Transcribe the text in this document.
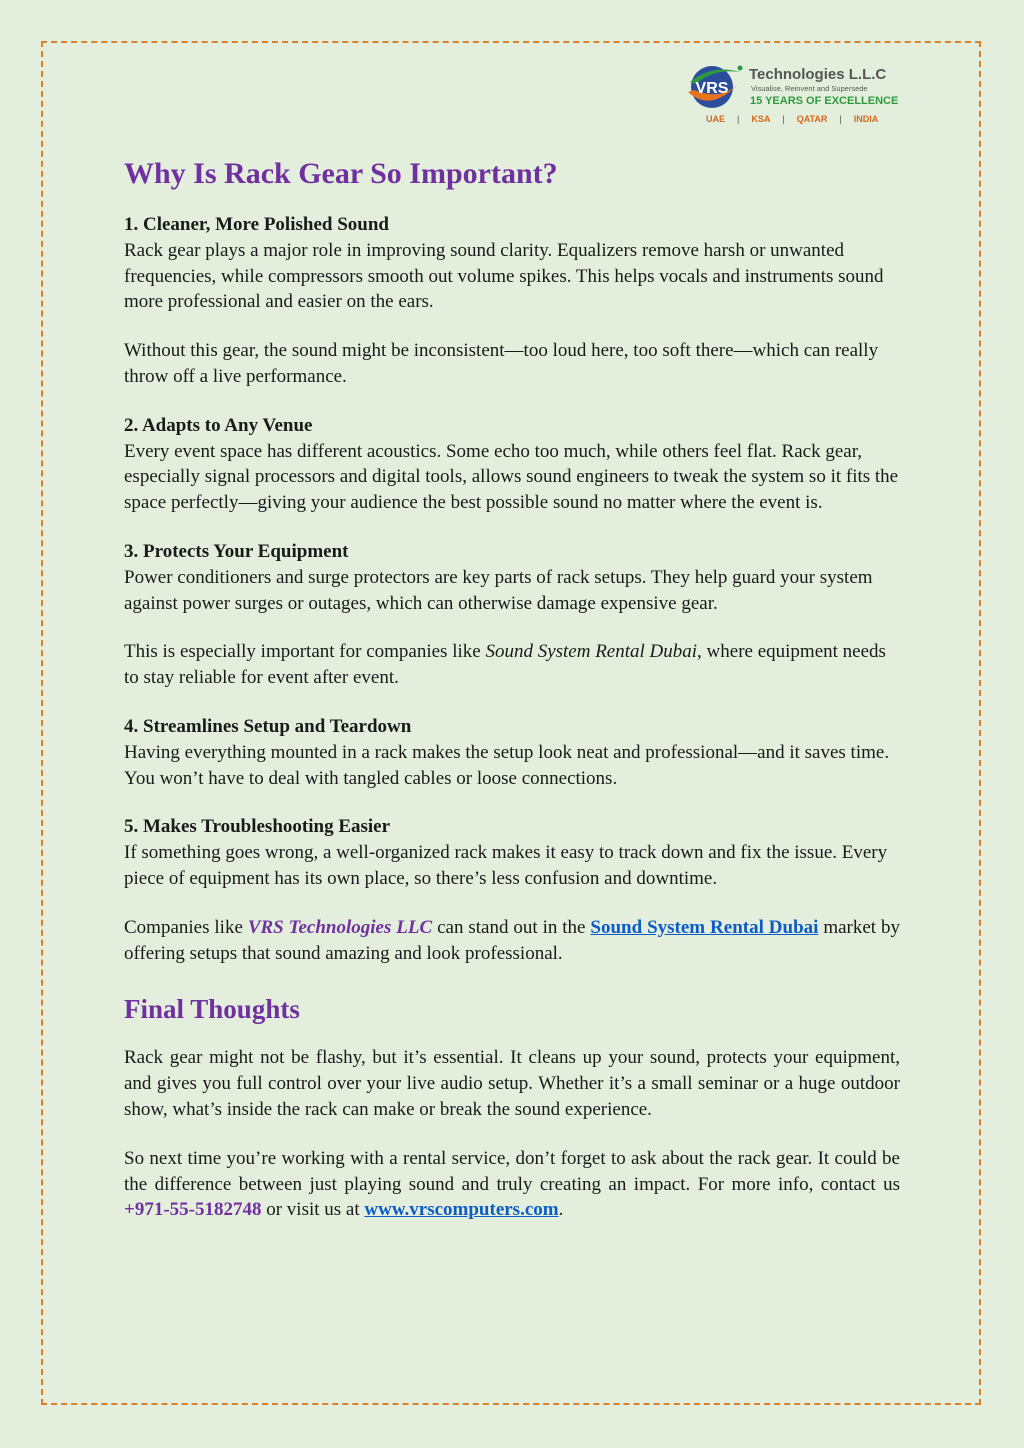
VRS
Technologies L.L.C
Visualise, Reinvent and Supersede
15 YEARS OF EXCELLENCE
UAE | KSA | QATAR | INDIA
Why Is Rack Gear So Important?

1. Cleaner, More Polished Sound
Rack gear plays a major role in improving sound clarity. Equalizers remove harsh or unwanted frequencies, while compressors smooth out volume spikes. This helps vocals and instruments sound more professional and easier on the ears.

Without this gear, the sound might be inconsistent—too loud here, too soft there—which can really throw off a live performance.

2. Adapts to Any Venue
Every event space has different acoustics. Some echo too much, while others feel flat. Rack gear, especially signal processors and digital tools, allows sound engineers to tweak the system so it fits the space perfectly—giving your audience the best possible sound no matter where the event is.

3. Protects Your Equipment
Power conditioners and surge protectors are key parts of rack setups. They help guard your system against power surges or outages, which can otherwise damage expensive gear.

This is especially important for companies like Sound System Rental Dubai, where equipment needs to stay reliable for event after event.

4. Streamlines Setup and Teardown
Having everything mounted in a rack makes the setup look neat and professional—and it saves time. You won’t have to deal with tangled cables or loose connections.

5. Makes Troubleshooting Easier
If something goes wrong, a well-organized rack makes it easy to track down and fix the issue. Every piece of equipment has its own place, so there’s less confusion and downtime.

Companies like VRS Technologies LLC can stand out in the Sound System Rental Dubai market by offering setups that sound amazing and look professional.

Final Thoughts

Rack gear might not be flashy, but it’s essential. It cleans up your sound, protects your equipment, and gives you full control over your live audio setup. Whether it’s a small seminar or a huge outdoor show, what’s inside the rack can make or break the sound experience.

So next time you’re working with a rental service, don’t forget to ask about the rack gear. It could be the difference between just playing sound and truly creating an impact. For more info, contact us +971-55-5182748 or visit us at www.vrscomputers.com.
